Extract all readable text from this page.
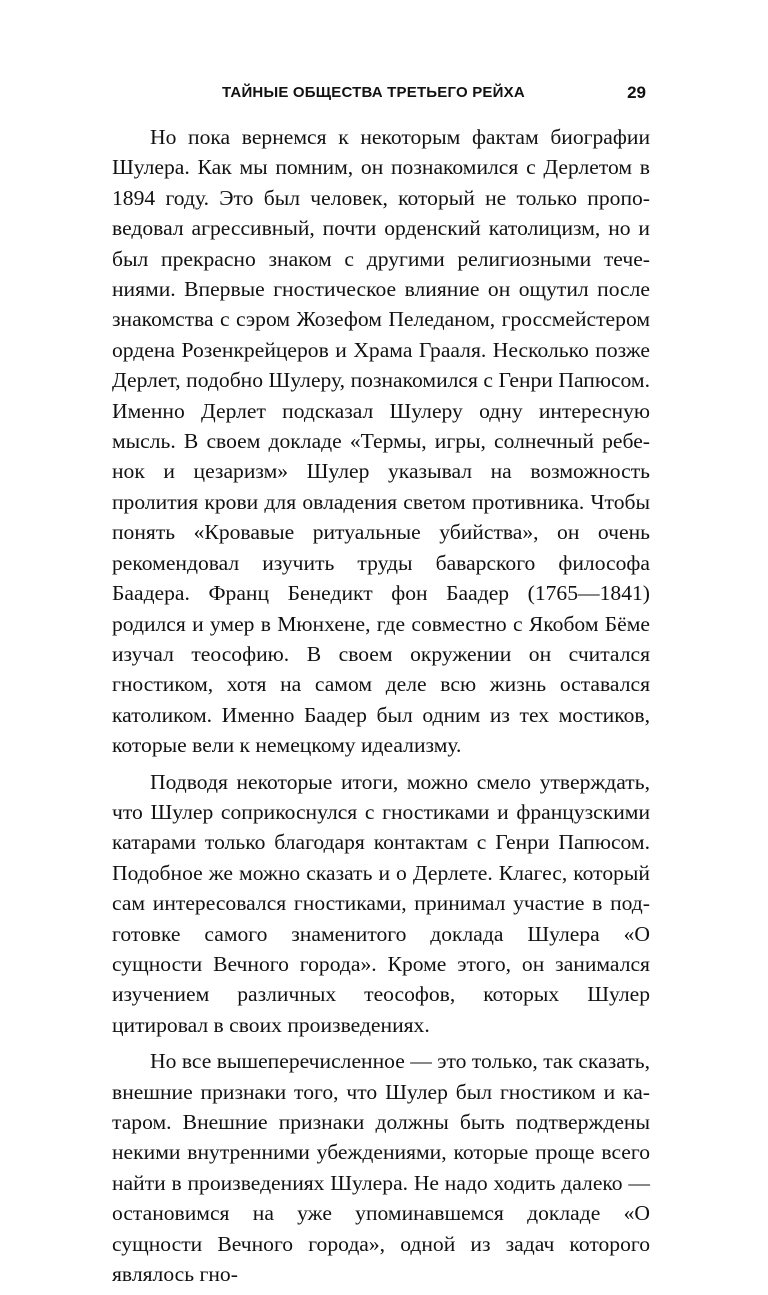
ТАЙНЫЕ ОБЩЕСТВА ТРЕТЬЕГО РЕЙХА	29

Но пока вернемся к некоторым фактам биографии Шулера. Как мы помним, он познакомился с Дерлетом в 1894 году. Это был человек, который не только проповедовал агрессивный, почти орденский католицизм, но и был прекрасно знаком с другими религиозными течениями. Впервые гностическое влияние он ощутил после знакомства с сэром Жозефом Пеледаном, гроссмейстером ордена Розенкрейцеров и Храма Грааля. Несколько позже Дерлет, подобно Шулеру, познакомился с Генри Папюсом. Именно Дерлет подсказал Шулеру одну интересную мысль. В своем докладе «Термы, игры, солнечный ребенок и цезаризм» Шулер указывал на возможность пролития крови для овладения светом противника. Чтобы понять «Кровавые ритуальные убийства», он очень рекомендовал изучить труды баварского философа Баадера. Франц Бенедикт фон Баадер (1765—1841) родился и умер в Мюнхене, где совместно с Якобом Бёме изучал теософию. В своем окружении он считался гностиком, хотя на самом деле всю жизнь оставался католиком. Именно Баадер был одним из тех мостиков, которые вели к немецкому идеализму.

Подводя некоторые итоги, можно смело утверждать, что Шулер соприкоснулся с гностиками и французскими катарами только благодаря контактам с Генри Папюсом. Подобное же можно сказать и о Дерлете. Клагес, который сам интересовался гностиками, принимал участие в подготовке самого знаменитого доклада Шулера «О сущности Вечного города». Кроме этого, он занимался изучением различных теософов, которых Шулер цитировал в своих произведениях.

Но все вышеперечисленное — это только, так сказать, внешние признаки того, что Шулер был гностиком и катаром. Внешние признаки должны быть подтверждены некими внутренними убеждениями, которые проще всего найти в произведениях Шулера. Не надо ходить далеко — остановимся на уже упоминавшемся докладе «О сущности Вечного города», одной из задач которого являлось гно-
